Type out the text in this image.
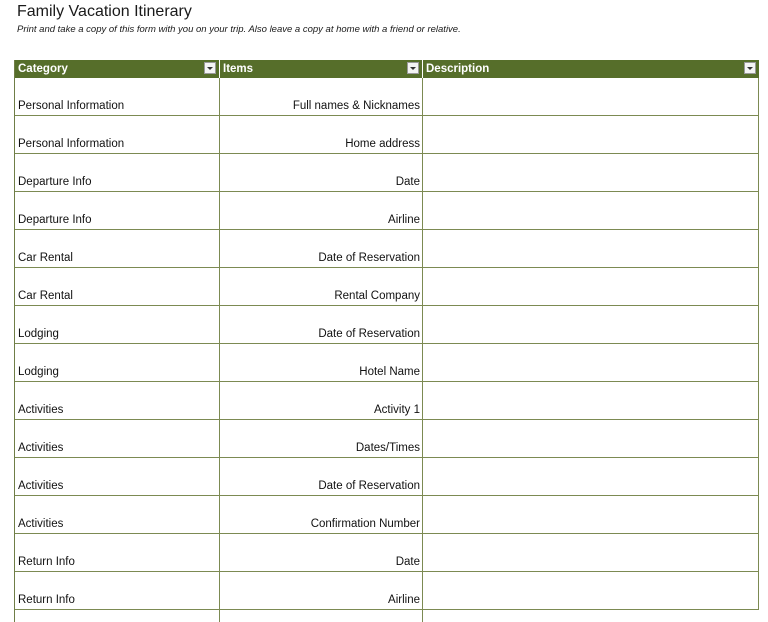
Family Vacation Itinerary
Print and take a copy of this form with you on your trip. Also leave a copy at home with a friend or relative.
Category	Items	Description
Personal Information	Full names & Nicknames
Personal Information	Home address
Departure Info	Date
Departure Info	Airline
Car Rental	Date of Reservation
Car Rental	Rental Company
Lodging	Date of Reservation
Lodging	Hotel Name
Activities	Activity 1
Activities	Dates/Times
Activities	Date of Reservation
Activities	Confirmation Number
Return Info	Date
Return Info	Airline
